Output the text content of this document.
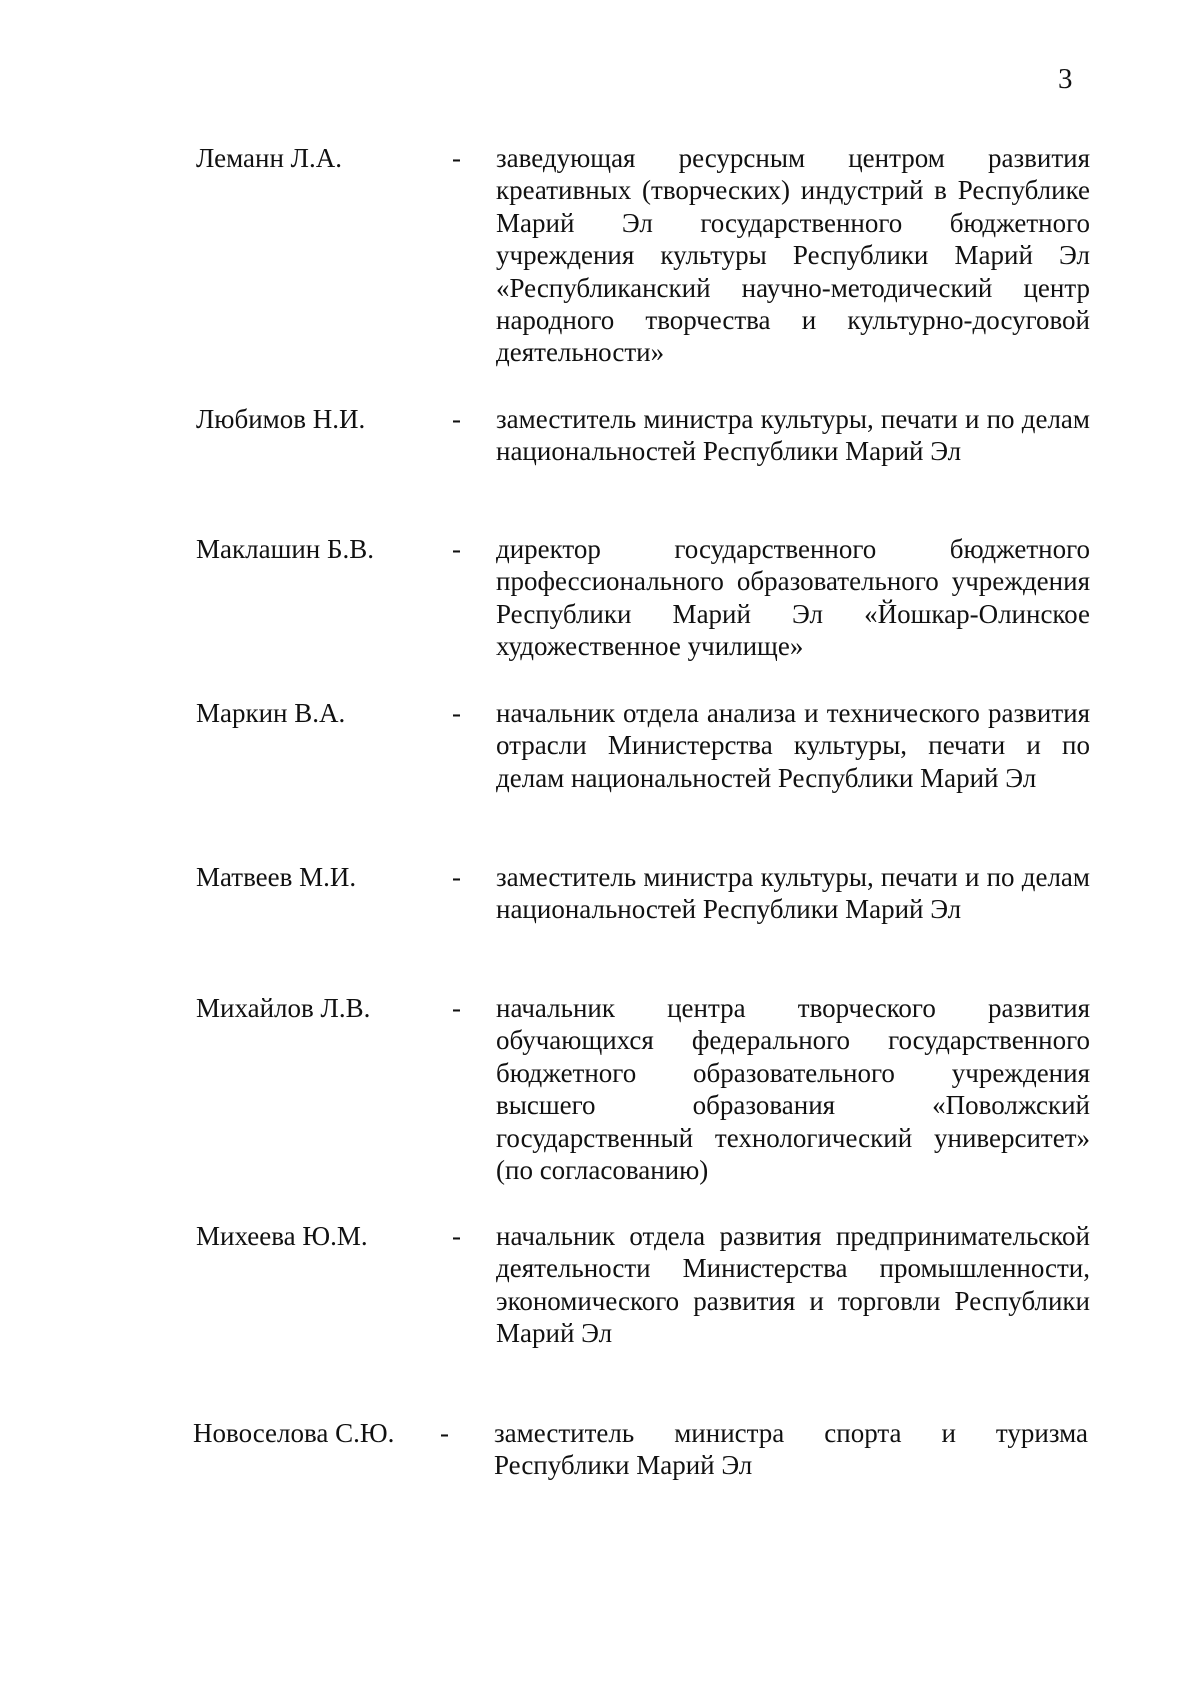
3
Леманн Л.А.	- заведующая ресурсным центром развития креативных (творческих) индустрий в Республике Марий Эл государственного бюджетного учреждения культуры Республики Марий Эл «Республиканский научно-методический центр народного творчества и культурно-досуговой деятельности»
Любимов Н.И.	- заместитель министра культуры, печати и по делам национальностей Республики Марий Эл
Маклашин Б.В.	- директор государственного бюджетного профессионального образовательного учреждения Республики Марий Эл «Йошкар-Олинское художественное училище»
Маркин В.А.	- начальник отдела анализа и технического развития отрасли Министерства культуры, печати и по делам национальностей Республики Марий Эл
Матвеев М.И.	- заместитель министра культуры, печати и по делам национальностей Республики Марий Эл
Михайлов Л.В.	- начальник центра творческого развития обучающихся федерального государственного бюджетного образовательного учреждения высшего образования «Поволжский государственный технологический университет» (по согласованию)
Михеева Ю.М.	- начальник отдела развития предпринимательской деятельности Министерства промышленности, экономического развития и торговли Республики Марий Эл
Новоселова С.Ю. - заместитель министра спорта и туризма Республики Марий Эл
